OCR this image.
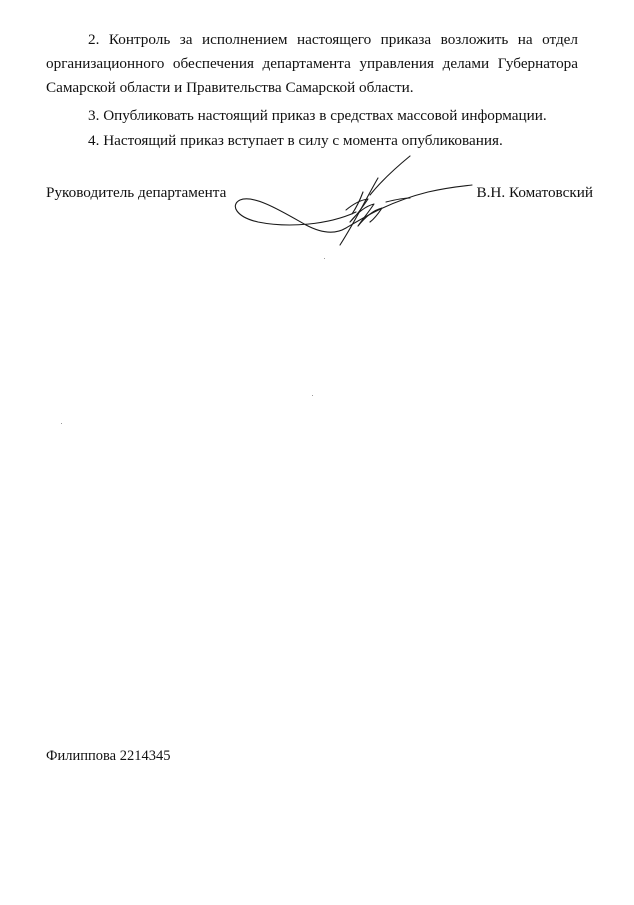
2. Контроль за исполнением настоящего приказа возложить на отдел организационного обеспечения департамента управления делами Губернатора Самарской области и Правительства Самарской области.

3. Опубликовать настоящий приказ в средствах массовой информации.

4. Настоящий приказ вступает в силу с момента опубликования.

Руководитель департамента	В.Н. Коматовский
Филиппова 2214345
